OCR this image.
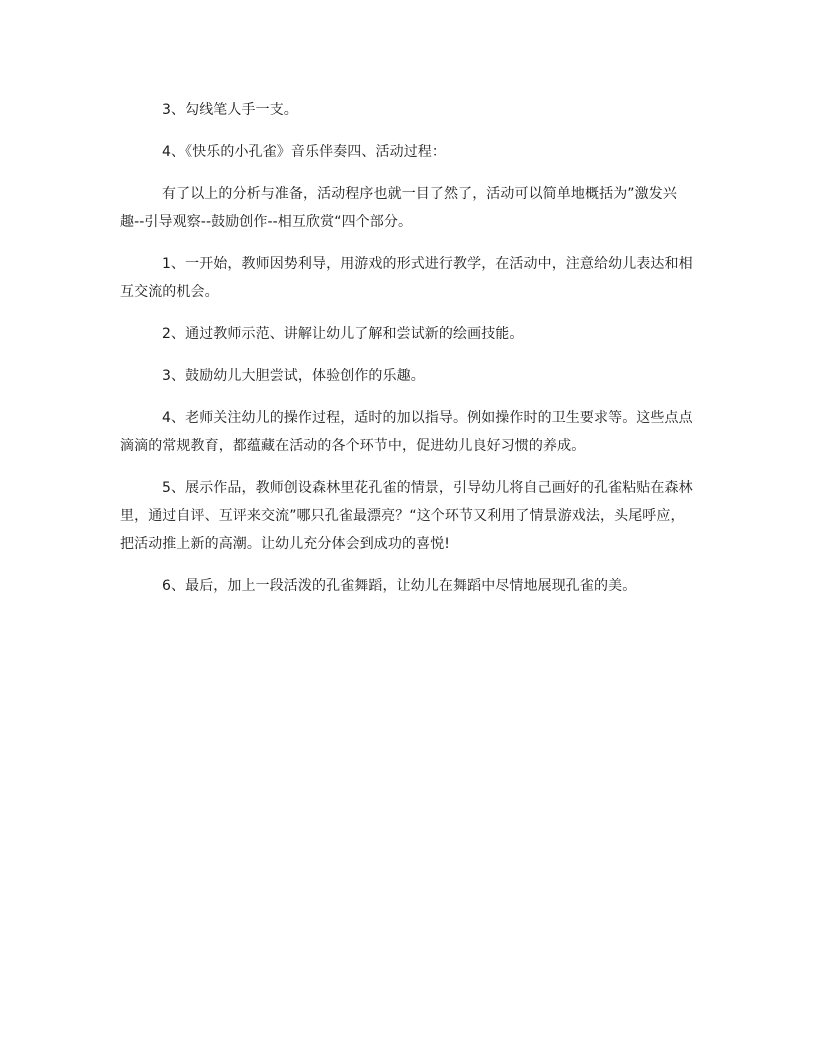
3、勾线笔人手一支。

4、《快乐的小孔雀》音乐伴奏四、活动过程：

有了以上的分析与准备，活动程序也就一目了然了，活动可以简单地概括为”激发兴趣--引导观察--鼓励创作--相互欣赏“四个部分。

1、一开始，教师因势利导，用游戏的形式进行教学，在活动中，注意给幼儿表达和相互交流的机会。

2、通过教师示范、讲解让幼儿了解和尝试新的绘画技能。

3、鼓励幼儿大胆尝试，体验创作的乐趣。

4、老师关注幼儿的操作过程，适时的加以指导。例如操作时的卫生要求等。这些点点滴滴的常规教育，都蕴藏在活动的各个环节中，促进幼儿良好习惯的养成。

5、展示作品，教师创设森林里花孔雀的情景，引导幼儿将自己画好的孔雀粘贴在森林里，通过自评、互评来交流”哪只孔雀最漂亮？“这个环节又利用了情景游戏法，头尾呼应，把活动推上新的高潮。让幼儿充分体会到成功的喜悦!

6、最后，加上一段活泼的孔雀舞蹈，让幼儿在舞蹈中尽情地展现孔雀的美。
